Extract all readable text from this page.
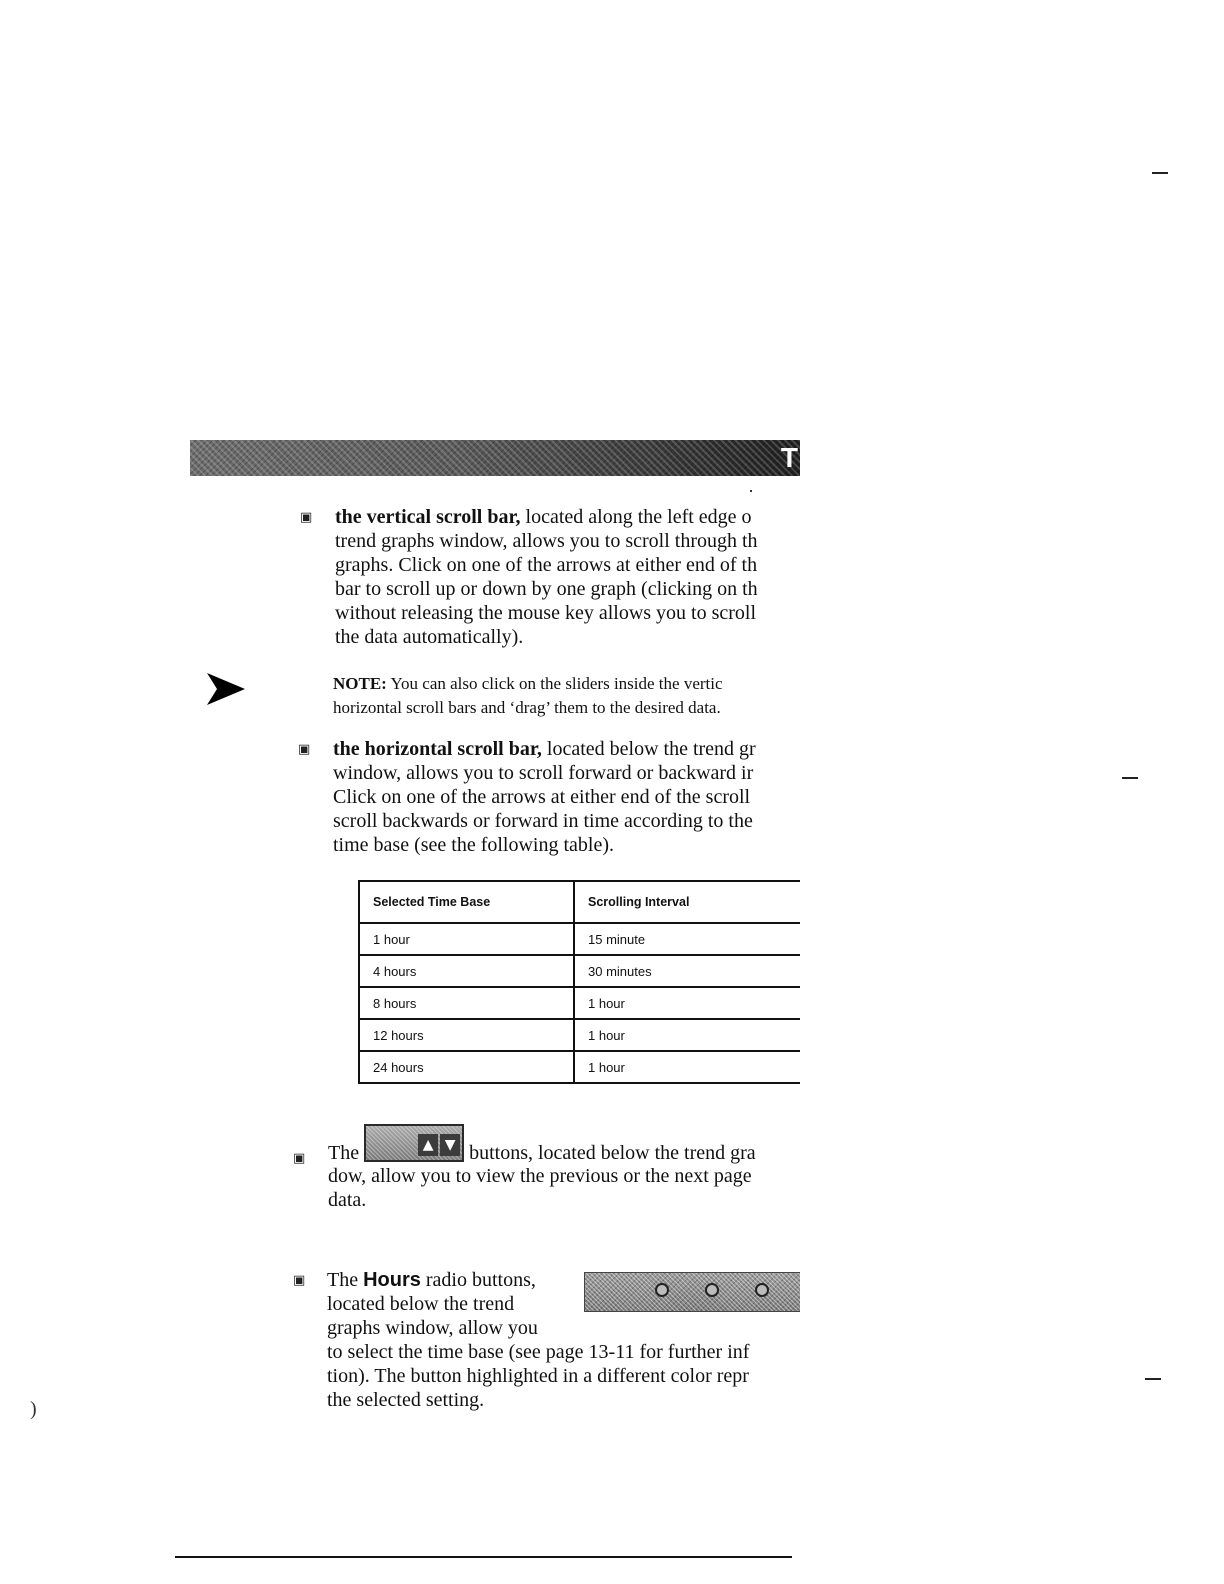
T
▣ the vertical scroll bar, located along the left edge o
trend graphs window, allows you to scroll through th
graphs. Click on one of the arrows at either end of th
bar to scroll up or down by one graph (clicking on th
without releasing the mouse key allows you to scroll
the data automatically).
NOTE: You can also click on the sliders inside the vertic
horizontal scroll bars and ‘drag’ them to the desired data.
▣ the horizontal scroll bar, located below the trend gr
window, allows you to scroll forward or backward ir
Click on one of the arrows at either end of the scroll
scroll backwards or forward in time according to the
time base (see the following table).
Selected Time Base	Scrolling Interval
1 hour	15 minute
4 hours	30 minutes
8 hours	1 hour
12 hours	1 hour
24 hours	1 hour
▣ The	▲ ▼ buttons, located below the trend gra
dow, allow you to view the previous or the next page
data.
▣ The Hours radio buttons,
located below the trend
graphs window, allow you
to select the time base (see page 13-11 for further inf
tion). The button highlighted in a different color repr
the selected setting.
)
